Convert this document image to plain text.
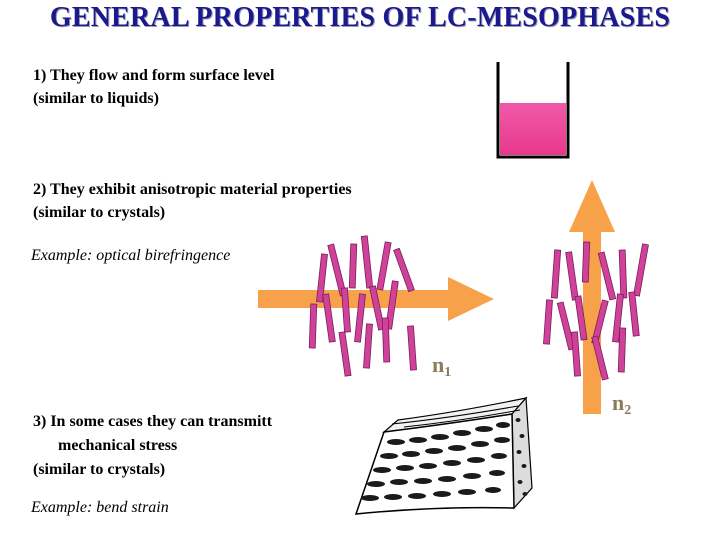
GENERAL PROPERTIES OF LC-MESOPHASES
1) They flow and form surface level
(similar to liquids)
2) They exhibit anisotropic material properties
(similar to crystals)
Example: optical birefringence
3) In some cases they can transmitt
mechanical stress
(similar to crystals)
Example: bend strain
$n_1$
$n_2$
